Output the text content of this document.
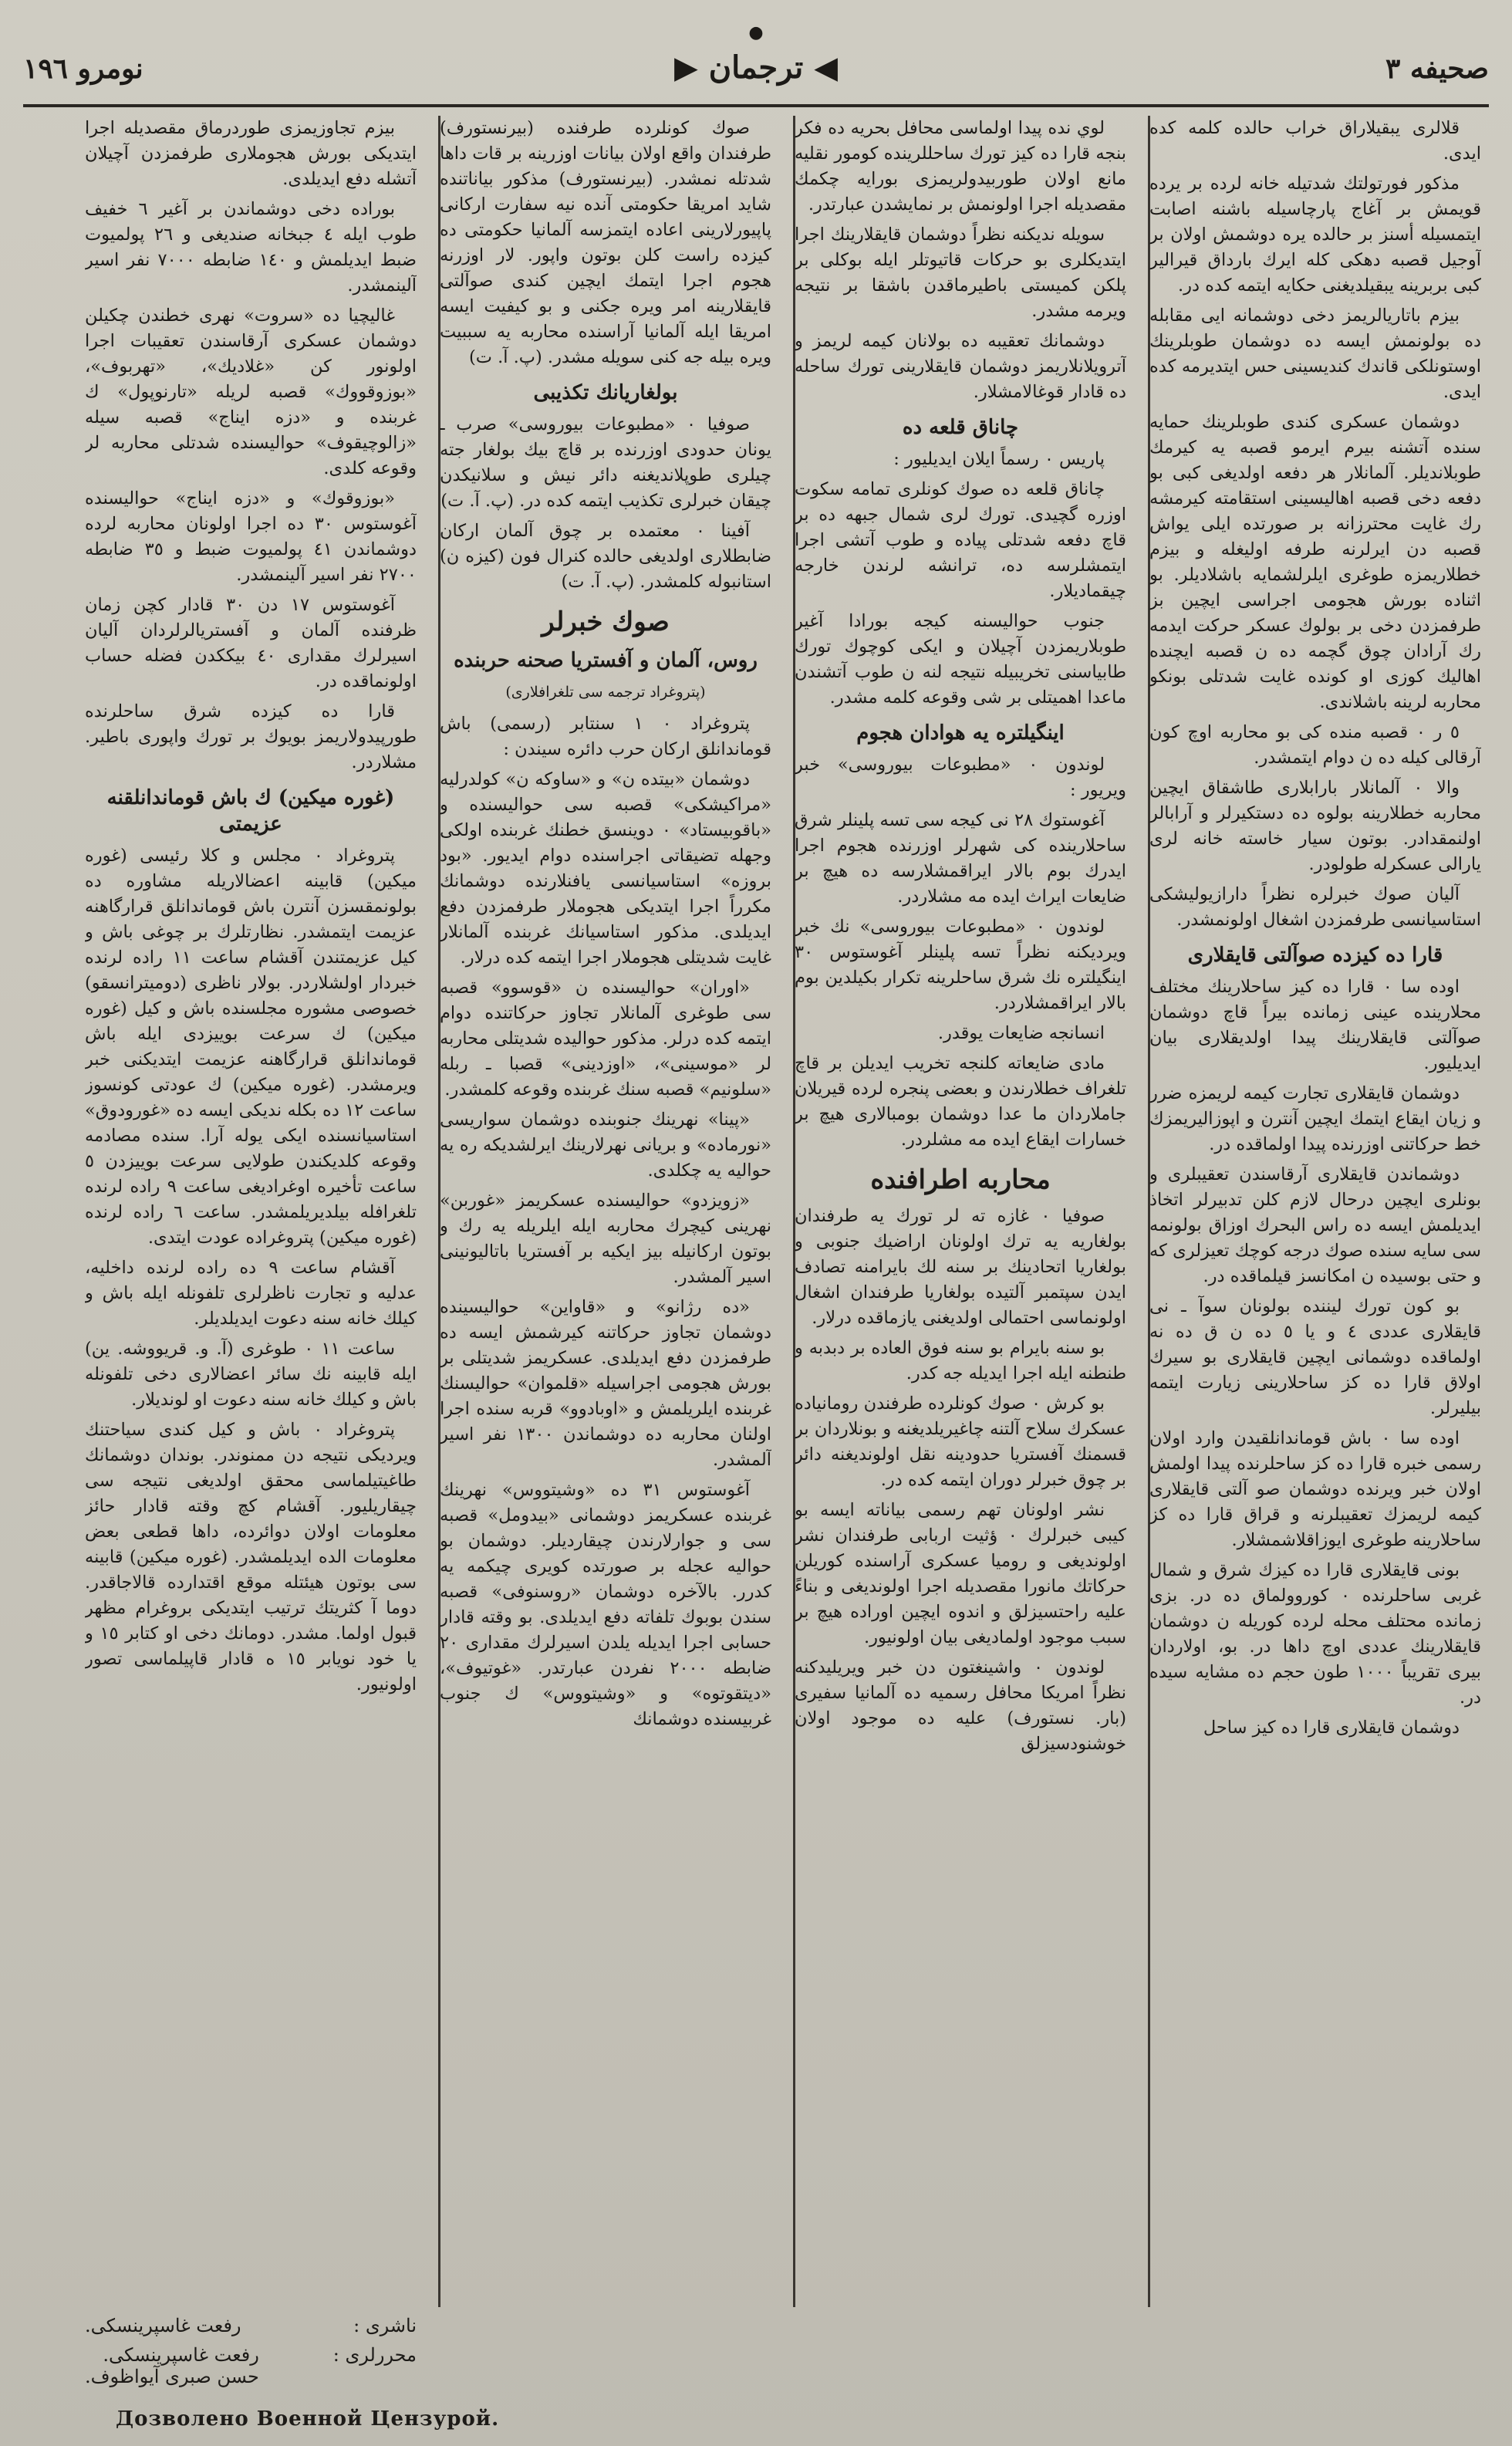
●
صحيفه ٣
◀ ترجمان ▶
نومرو ١٩٦

قلالرى يبقيلاراق خراب حالده كلمه كده ايدى.

مذكور فورتولتك شدتيله خانه لرده بر يرده قويمش بر آغاج پارچاسيله باشنه اصابت ايتمسيله أسنز بر حالده يره دوشمش اولان بر آوجيل قصبه دهكى كله ايرك بارداق قيرالير كبى بربرينه يبقيلديغنى حكايه ايتمه كده در.

بيزم باتاريالريمز دخى دوشمانه ايى مقابله ده بولونمش ايسه ده دوشمان طوبلرينك اوستونلكى قاندك كنديسينى حس ايتديرمه كده ايدى.

دوشمان عسكرى كندى طوبلرينك حمايه سنده آتشنه بيرم ايرمو قصبه يه كيرمك طوبلانديلر. آلمانلار هر دفعه اولديغى كبى بو دفعه دخى قصبه اهاليسينى استقامته كيرمشه رك غايت محترزانه بر صورتده ايلى يواش قصبه دن ايرلرنه طرفه اوليغله و بيزم خطلاريمزه طوغرى ايلرلشمايه باشلاديلر. بو اثناده بورش هجومى اجراسى ايچين بز طرفمزدن دخى بر بولوك عسكر حركت ايدمه رك آرادان چوق گچمه ده ن قصبه ايچنده اهاليك كوزى او كونده غايت شدتلى بونكو محاربه لرينه باشلاندى.

٥ ر ٠ قصبه منده كى بو محاربه اوچ كون آرقالى كيله ده ن دوام ايتمشدر.

والا ٠ آلمانلار بارابلارى طاشقاق ايچين محاربه خطلارينه بولوه ده دستكيرلر و آرابالر اولنمقدادر. بوتون سيار خاسته خانه لرى يارالى عسكرله طولودر.

آليان صوك خبرلره نظراً دارازيوليشكى استاسيانسى طرفمزدن اشغال اولونمشدر.

قارا ده كيزده صوآلتى قايقلارى

اوده سا ٠ قارا ده كيز ساحلارينك مختلف محلارينده عينى زمانده بيراً قاچ دوشمان صوآلتى قايقلارينك پيدا اولديقلارى بيان ايديليور.

دوشمان قايقلارى تجارت كيمه لريمزه ضرر و زيان ايقاع ايتمك ايچين آنترن و اپوزاليريمزك خط حركاتنى اوزرنده پيدا اولماقده در.

دوشماندن قايقلارى آرقاسندن تعقيبلرى و بونلرى ايچين درحال لازم كلن تدبيرلر اتخاذ ايديلمش ايسه ده راس البحرك اوزاق بولونمه سى سايه سنده صوك درجه كوچك تعيزلرى كه و حتى بوسيده ن امكانسز قيلماقده در.

بو كون تورك ليننده بولونان سوآ ـ نى قايقلارى عددى ٤ و يا ٥ ده ن ق ده نه اولماقده دوشمانى ايچين قايقلارى بو سيرك اولاق قارا ده كز ساحلارينى زيارت ايتمه بيليرلر.

اوده سا ٠ باش قوماندانلقيدن وارد اولان رسمى خبره قارا ده كز ساحلرنده پيدا اولمش اولان خبر ويرنده دوشمان صو آلتى قايقلارى كيمه لريمزك تعقيبلرنه و قراق قارا ده كز ساحلارينه طوغرى ايوزاقلاشمشلار.

بونى قايقلارى قارا ده كيزك شرق و شمال غربى ساحلرنده ٠ كوروولماق ده در. بزى زمانده محتلف محله لرده كوريله ن دوشمان قايقلارينك عددى اوچ داها در. بو، اولاردان بيرى تقريباً ١٠٠٠ طون حجم ده مشايه سيده در.

دوشمان قايقلارى قارا ده كيز ساحل

لوي نده پيدا اولماسى محافل بحريه ده فكر بنجه قارا ده كيز تورك ساحللرينده كومور نقليه مانع اولان طوربيدولريمزى بورايه چكمك مقصديله اجرا اولونمش بر نمايشدن عبارتدر.

سويله نديكنه نظراً دوشمان قايقلارينك اجرا ايتديكلرى بو حركات قاتيوتلر ايله بوكلى بر پلكن كميستى باطيرماقدن باشقا بر نتيجه ويرمه مشدر.

دوشمانك تعقيبه ده بولانان كيمه لريمز و آترويلانلاريمز دوشمان قايقلارينى تورك ساحله ده قادار قوغالامشلار.

چاناق قلعه ده

پاريس ٠ رسماً ايلان ايديليور :

چاناق قلعه ده صوك كونلرى تمامه سكوت اوزره گچيدى. تورك لرى شمال جبهه ده بر قاچ دفعه شدتلى پياده و طوب آتشى اجرا ايتمشلرسه ده، ترانشه لرندن خارجه چيقماديلار.

جنوب حواليسنه كيجه بورادا آغير طوبلاريمزدن آچيلان و ايكى كوچوك تورك طابياسنى تخريبيله نتيجه لنه ن طوب آتشندن ماعدا اهميتلى بر شى وقوعه كلمه مشدر.

اينگيلتره يه هوادان هجوم

لوندون ٠ «مطبوعات بيوروسى» خبر ويريور :

آغوستوك ٢٨ نى كيجه سى تسه پلينلر شرق ساحلارينده كى شهرلر اوزرنده هجوم اجرا ايدرك بوم بالار ايراقمشلارسه ده هيچ بر ضايعات ايراث ايده مه مشلاردر.

لوندون ٠ «مطبوعات بيوروسى» نك خبر ويرديكنه نظراً تسه پلينلر آغوستوس ٣٠ اينگيلتره نك شرق ساحلرينه تكرار بكيلدين بوم بالار ايراقمشلاردر.

انسانجه ضايعات يوقدر.

مادى ضايعاته كلنجه تخريب ايديلن بر قاچ تلغراف خطلارندن و بعضى پنجره لرده قيريلان جاملاردان ما عدا دوشمان بومبالارى هيچ بر خسارات ايقاع ايده مه مشلردر.

محاربه اطرافنده

صوفيا ٠ غازه ته لر تورك يه طرفندان بولغاريه يه ترك اولونان اراضيك جنوبى و بولغاريا اتحادينك بر سنه لك بايرامنه تصادف ايدن سپتمبر آلتيده بولغاريا طرفندان اشغال اولونماسى احتمالى اولديغنى يازماقده درلار.

بو سنه بايرام بو سنه فوق العاده بر دبدبه و طنطنه ايله اجرا ايديله جه كدر.

بو كرش ٠ صوك كونلرده طرفندن رومانياده عسكرك سلاح آلتنه چاغيريلديغنه و بونلاردان بر قسمنك آفستريا حدودينه نقل اولونديغنه دائر بر چوق خبرلر دوران ايتمه كده در.

نشر اولونان تهم رسمى بياناته ايسه بو كيبى خبرلرك ٠ ؤثيت اربابى طرفندان نشر اولونديغى و روميا عسكرى آراسنده كوريلن حركاتك مانورا مقصديله اجرا اولونديغى و بناءً عليه راحتسيزلق و اندوه ايچين اوراده هيچ بر سبب موجود اولماديغى بيان اولونيور.

لوندون ٠ واشينغتون دن خبر ويريليدكنه نظراً امريكا محافل رسميه ده آلمانيا سفيرى (بار. نستورف) عليه ده موجود اولان خوشنودسيزلق

صوك كونلرده طرفنده (بيرنستورف) طرفندان واقع اولان بيانات اوزرينه بر قات داها شدتله نمشدر. (بيرنستورف) مذكور بياناتنده شايد امريقا حكومتى آنده نيه سفارت اركانى پاپيورلارينى اعاده ايتمزسه آلمانيا حكومتى ده كيزده راست كلن بوتون واپور. لار اوزرنه هجوم اجرا ايتمك ايچين كندى صوآلتى قايقلارينه امر ويره جكنى و بو كيفيت ايسه امريقا ايله آلمانيا آراسنده محاربه يه سببيت ويره بيله جه كنى سويله مشدر. (پ. آ. ت)

بولغاريانك تكذيبى

صوفيا ٠ «مطبوعات بيوروسى» صرب ـ يونان حدودى اوزرنده بر قاچ بيك بولغار جته چيلرى طوپلانديغنه دائر نيش و سلانيكدن چيقان خبرلرى تكذيب ايتمه كده در. (پ. آ. ت)

آفينا ٠ معتمده بر چوق آلمان اركان ضابطلارى اولديغى حالده كنرال فون (كيزه ن) استانبوله كلمشدر. (پ. آ. ت)

صوك خبرلر
روس، آلمان و آفستريا صحنه حربنده
(پتروغراد ترجمه سى تلغرافلارى)

پتروغراد ٠ ١ سنتابر (رسمى) باش قوماندانلق اركان حرب دائره سيندن :

دوشمان «بيتده ن» و «ساوكه ن» كولدرليه «مراكيشكى» قصبه سى حواليسنده و «باقوبيستاد» ٠ دوينسق خطنك غربنده اولكى وجهله تضيقاتى اجراسنده دوام ايديور. «بود بروزه» استاسيانسى يافنلارنده دوشمانك مكرراً اجرا ايتديكى هجوملار طرفمزدن دفع ايديلدى. مذكور استاسيانك غربنده آلمانلار غايت شديتلى هجوملار اجرا ايتمه كده درلار.

«اوران» حواليسنده ن «قوسوو» قصبه سى طوغرى آلمانلار تجاوز حركاتنده دوام ايتمه كده درلر. مذكور حواليده شديتلى محاربه لر «موسينى»، «اوزدينى» قصبا ـ ربله «سلونيم» قصبه سنك غربنده وقوعه كلمشدر.

«پينا» نهرينك جنوبنده دوشمان سواريسى «نورماده» و بريانى نهرلارينك ايرلشديكه ره يه حواليه يه چكلدى.

«زويزدو» حواليسنده عسكريمز «غوربن» نهرينى كيچرك محاربه ايله ايلريله يه رك و بوتون اركانيله بيز ايكيه بر آفستريا باتاليونينى اسير آلمشدر.

«ده رژانو» و «قاواين» حواليسينده دوشمان تجاوز حركاتنه كيرشمش ايسه ده طرفمزدن دفع ايديلدى. عسكريمز شديتلى بر بورش هجومى اجراسيله «قلموان» حواليسنك غربنده ايلريلمش و «اوبادوو» قربه سنده اجرا اولنان محاربه ده دوشماندن ١٣٠٠ نفر اسير آلمشدر.

آغوستوس ٣١ ده «وشيتووس» نهرينك غربنده عسكريمز دوشمانى «بيدومل» قصبه سى و جوارلارندن چيقارديلر. دوشمان بو حواليه عجله بر صورتده كويرى چيكمه يه كدرر. بالآخره دوشمان «روسنوفى» قصبه سندن بوبوك تلفاته دفع ايديلدى. بو وقته قادار حسابى اجرا ايديله يلدن اسيرلرك مقدارى ٢٠ ضابطه ٢٠٠٠ نفردن عبارتدر. «غوتيوف»، «ديتقوتوه» و «وشيتووس» ك جنوب غربيسنده دوشمانك

بيزم تجاوزيمزى طوردرماق مقصديله اجرا ايتديكى بورش هجوملارى طرفمزدن آچيلان آتشله دفع ايديلدى.

بوراده دخى دوشماندن بر آغير ٦ خفيف طوب ايله ٤ جبخانه صنديغى و ٢٦ پولميوت ضبط ايديلمش و ١٤٠ ضابطه ٧٠٠٠ نفر اسير آلينمشدر.

غاليچيا ده «سروت» نهرى خطندن چكيلن دوشمان عسكرى آرقاسندن تعقيبات اجرا اولونور كن «غلاديك»، «تهربوف»، «بوزوقووك» قصبه لريله «تارنوپول» ك غربنده و «دزه ايناج» قصبه سيله «زالوچيقوف» حواليسنده شدتلى محاربه لر وقوعه كلدى.

«بوزوقوك» و «دزه ايناج» حواليسنده آغوستوس ٣٠ ده اجرا اولونان محاربه لرده دوشماندن ٤١ پولميوت ضبط و ٣٥ ضابطه ٢٧٠٠ نفر اسير آلينمشدر.

آغوستوس ١٧ دن ٣٠ قادار كچن زمان ظرفنده آلمان و آفستريالرلردان آليان اسيرلرك مقدارى ٤٠ بيككدن فضله حساب اولونماقده در.

قارا ده كيزده شرق ساحلرنده طورپيدولاريمز بويوك بر تورك واپورى باطير. مشلاردر.

(غوره ميكين) ك باش قوماندانلقنه عزيمتى

پتروغراد ٠ مجلس و كلا رئيسى (غوره ميكين) قابينه اعضالاريله مشاوره ده بولونمقسزن آنترن باش قوماندانلق قرارگاهنه عزيمت ايتمشدر. نظارتلرك بر چوغى باش و كيل عزيمتندن آقشام ساعت ١١ راده لرنده خبردار اولشلاردر. بولار ناظرى (دوميترانسقو) خصوصى مشوره مجلسنده باش و كيل (غوره ميكين) ك سرعت بوييزدى ايله باش قوماندانلق قرارگاهنه عزيمت ايتديكنى خبر ويرمشدر. (غوره ميكين) ك عودتى كونسوز ساعت ١٢ ده بكله نديكى ايسه ده «غورودوق» استاسيانسنده ايكى يوله آرا. سنده مصادمه وقوعه كلديكندن طولايى سرعت بوييزدن ٥ ساعت تأخيره اوغراديغى ساعت ٩ راده لرنده تلغرافله بيلديريلمشدر. ساعت ٦ راده لرنده (غوره ميكين) پتروغراده عودت ايتدى.

آقشام ساعت ٩ ده راده لرنده داخليه، عدليه و تجارت ناظرلرى تلفونله ايله باش و كيلك خانه سنه دعوت ايديلديلر.

ساعت ١١ ٠ طوغرى (آ. و. قريووشه. ين) ايله قابينه نك سائر اعضالارى دخى تلفونله باش و كيلك خانه سنه دعوت او لونديلار.

پتروغراد ٠ باش و كيل كندى سياحتنك ويرديكى نتيجه دن ممنوندر. بوندان دوشمانك طاغيتيلماسى محقق اولديغى نتيجه سى چيقاريليور. آقشام كچ وقته قادار حائز معلومات اولان دوائرده، داها قطعى بعض معلومات الده ايديلمشدر. (غوره ميكين) قابينه سى بوتون هيئتله موقع اقتدارده قالاجاقدر. دوما آ كثريتك ترتيب ايتديكى بروغرام مظهر قبول اولما. مشدر. دومانك دخى او كتابر ١٥ و يا خود نويابر ١٥ ه قادار قاپيلماسى تصور اولونيور.

ناشرى :
رفعت غاسپرينسكى.
محررلرى :
رفعت غاسپرينسكى.
حسن صبرى آيواظوف.
Дозволено Военной Цензурой.
